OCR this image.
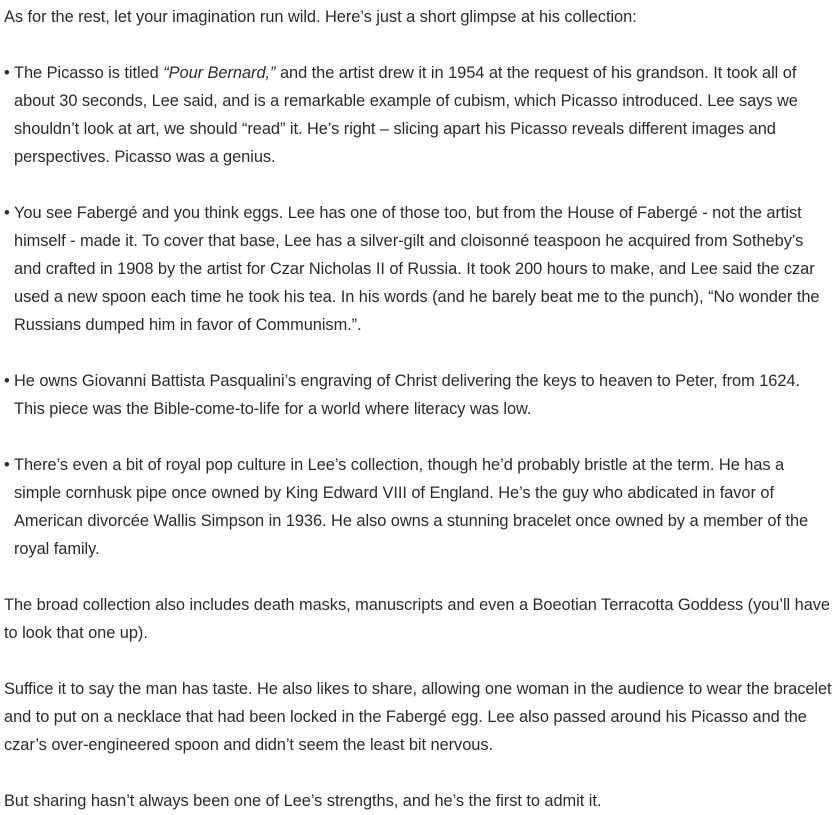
As for the rest, let your imagination run wild. Here’s just a short glimpse at his collection:

• The Picasso is titled “Pour Bernard,” and the artist drew it in 1954 at the request of his grandson. It took all of about 30 seconds, Lee said, and is a remarkable example of cubism, which Picasso introduced. Lee says we shouldn’t look at art, we should “read” it. He’s right – slicing apart his Picasso reveals different images and perspectives. Picasso was a genius.
• You see Fabergé and you think eggs. Lee has one of those too, but from the House of Fabergé - not the artist himself - made it. To cover that base, Lee has a silver-gilt and cloisonné teaspoon he acquired from Sotheby’s and crafted in 1908 by the artist for Czar Nicholas II of Russia. It took 200 hours to make, and Lee said the czar used a new spoon each time he took his tea. In his words (and he barely beat me to the punch), “No wonder the Russians dumped him in favor of Communism.”.
• He owns Giovanni Battista Pasqualini’s engraving of Christ delivering the keys to heaven to Peter, from 1624. This piece was the Bible-come-to-life for a world where literacy was low.
• There’s even a bit of royal pop culture in Lee’s collection, though he’d probably bristle at the term. He has a simple cornhusk pipe once owned by King Edward VIII of England. He’s the guy who abdicated in favor of American divorcée Wallis Simpson in 1936. He also owns a stunning bracelet once owned by a member of the royal family.

The broad collection also includes death masks, manuscripts and even a Boeotian Terracotta Goddess (you’ll have to look that one up).

Suffice it to say the man has taste. He also likes to share, allowing one woman in the audience to wear the bracelet and to put on a necklace that had been locked in the Fabergé egg. Lee also passed around his Picasso and the czar’s over-engineered spoon and didn’t seem the least bit nervous.

But sharing hasn’t always been one of Lee’s strengths, and he’s the first to admit it.
